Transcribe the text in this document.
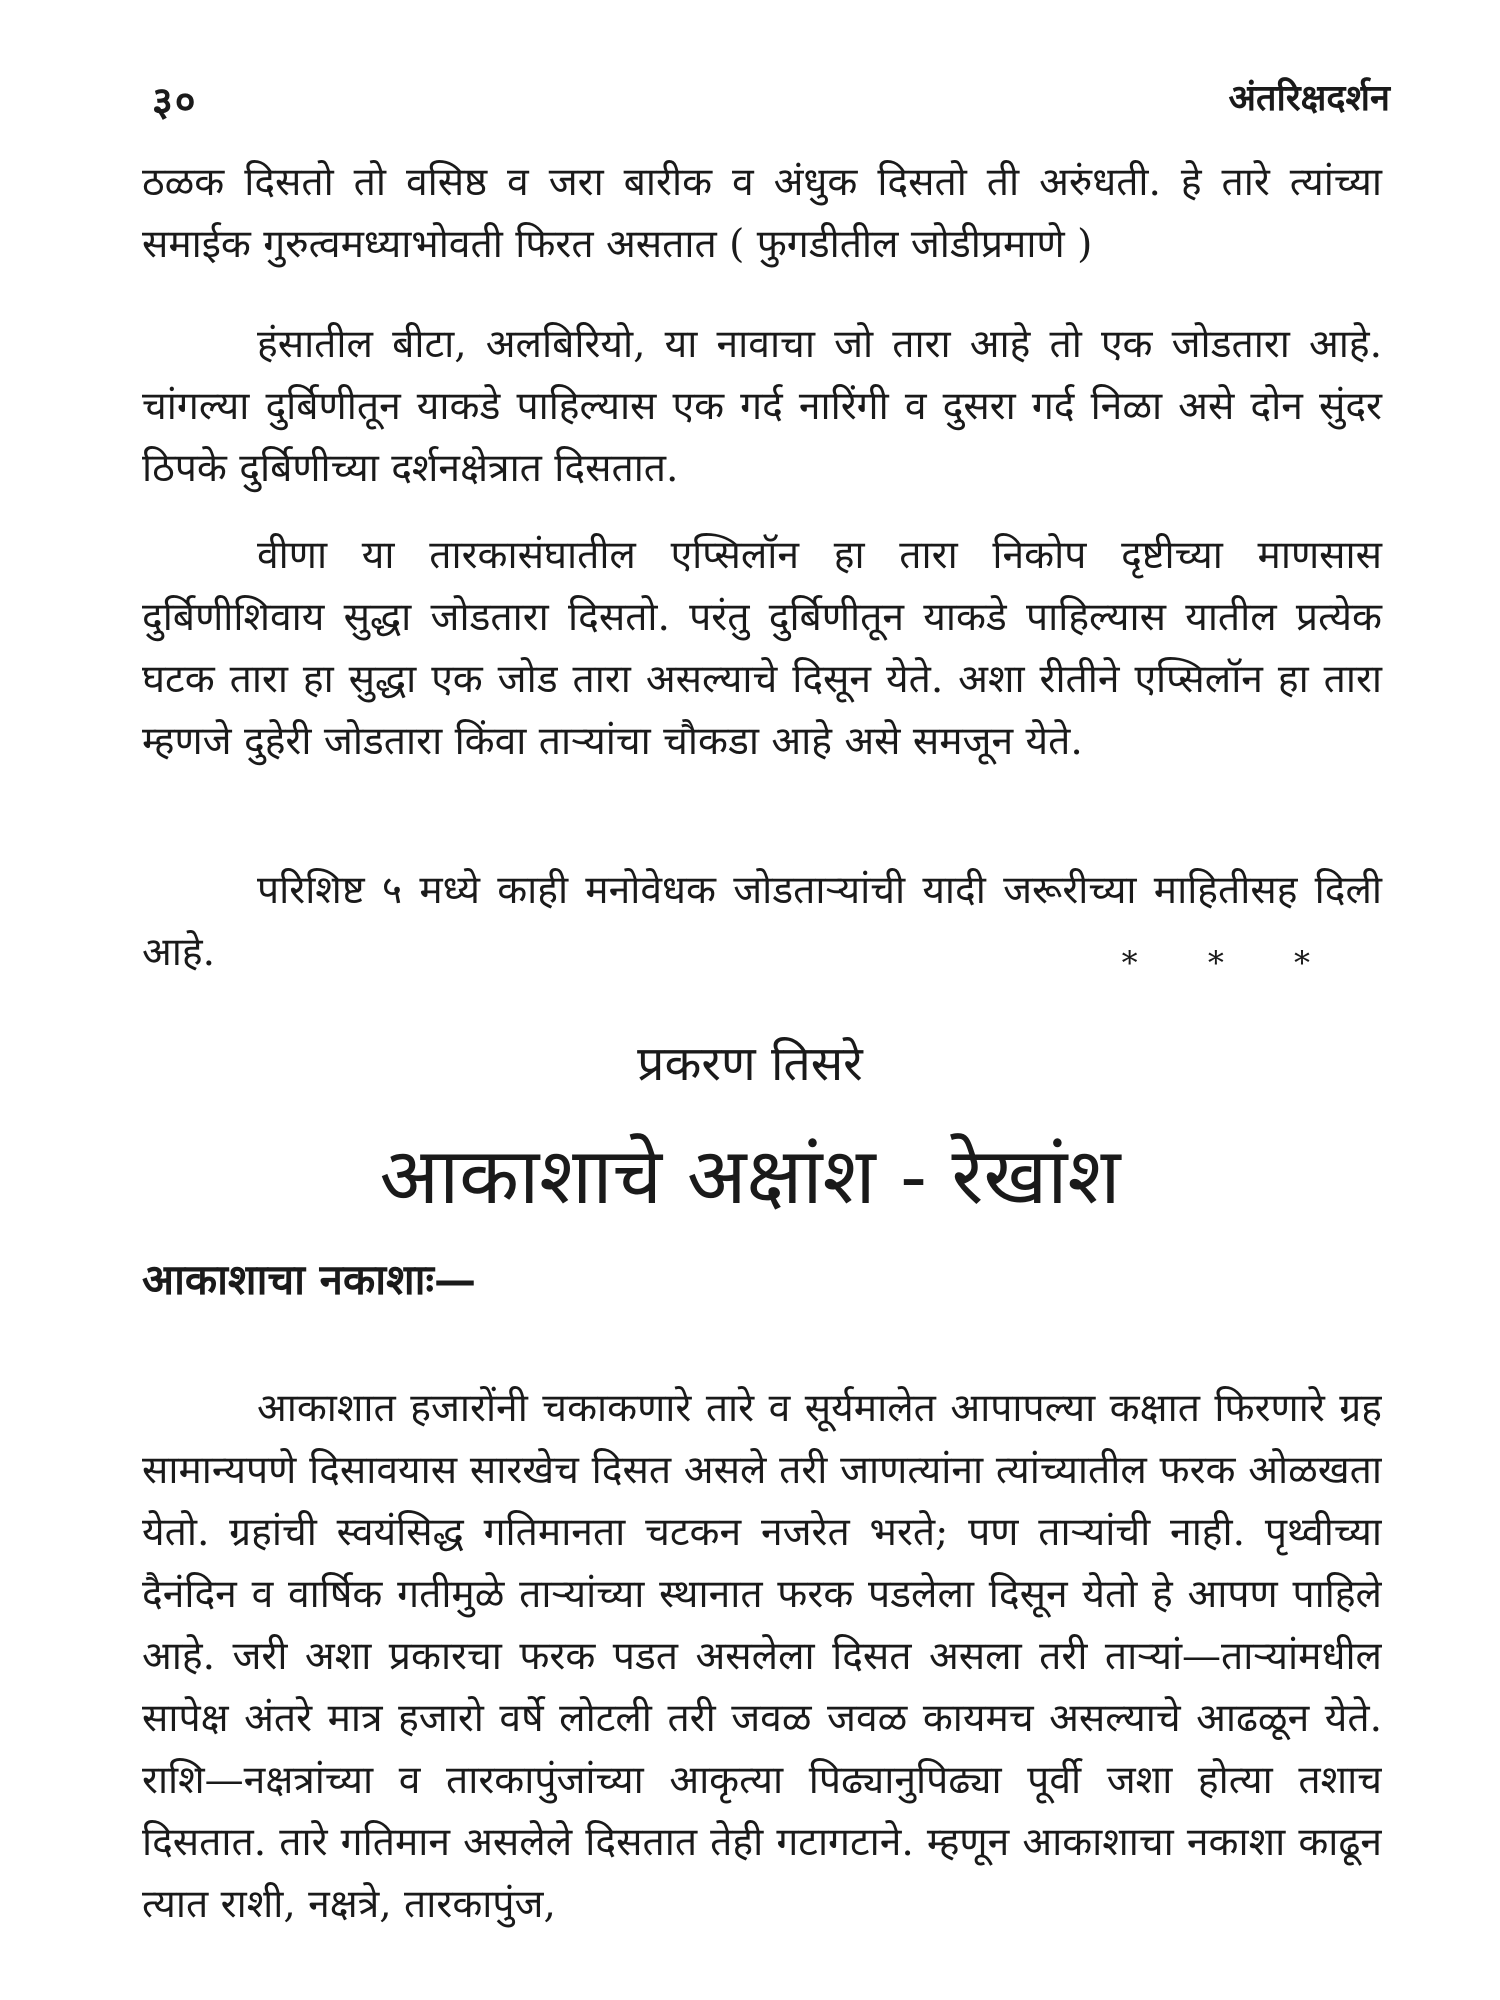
३०	अंतरिक्षदर्शन

ठळक दिसतो तो वसिष्ठ व जरा बारीक व अंधुक दिसतो ती अरुंधती. हे तारे त्यांच्या समाईक गुरुत्वमध्याभोवती फिरत असतात ( फुगडीतील जोडीप्रमाणे )

हंसातील बीटा, अलबिरियो, या नावाचा जो तारा आहे तो एक जोडतारा आहे. चांगल्या दुर्बिणीतून याकडे पाहिल्यास एक गर्द नारिंगी व दुसरा गर्द निळा असे दोन सुंदर ठिपके दुर्बिणीच्या दर्शनक्षेत्रात दिसतात.

वीणा या तारकासंघातील एप्सिलॉन हा तारा निकोप दृष्टीच्या माणसास दुर्बिणीशिवाय सुद्धा जोडतारा दिसतो. परंतु दुर्बिणीतून याकडे पाहिल्यास यातील प्रत्येक घटक तारा हा सुद्धा एक जोड तारा असल्याचे दिसून येते. अशा रीतीने एप्सिलॉन हा तारा म्हणजे दुहेरी जोडतारा किंवा ताऱ्यांचा चौकडा आहे असे समजून येते.

परिशिष्ट ५ मध्ये काही मनोवेधक जोडताऱ्यांची यादी जरूरीच्या माहितीसह दिली आहे.	* * *
प्रकरण तिसरे
आकाशाचे अक्षांश - रेखांश
आकाशाचा नकाशाः—

आकाशात हजारोंनी चकाकणारे तारे व सूर्यमालेत आपापल्या कक्षात फिरणारे ग्रह सामान्यपणे दिसावयास सारखेच दिसत असले तरी जाणत्यांना त्यांच्यातील फरक ओळखता येतो. ग्रहांची स्वयंसिद्ध गतिमानता चटकन नजरेत भरते; पण ताऱ्यांची नाही. पृथ्वीच्या दैनंदिन व वार्षिक गतीमुळे ताऱ्यांच्या स्थानात फरक पडलेला दिसून येतो हे आपण पाहिले आहे. जरी अशा प्रकारचा फरक पडत असलेला दिसत असला तरी ताऱ्यां—ताऱ्यांमधील सापेक्ष अंतरे मात्र हजारो वर्षे लोटली तरी जवळ जवळ कायमच असल्याचे आढळून येते. राशि—नक्षत्रांच्या व तारकापुंजांच्या आकृत्या पिढ्यानुपिढ्या पूर्वी जशा होत्या तशाच दिसतात. तारे गतिमान असलेले दिसतात तेही गटागटाने. म्हणून आकाशाचा नकाशा काढून त्यात राशी, नक्षत्रे, तारकापुंज,
